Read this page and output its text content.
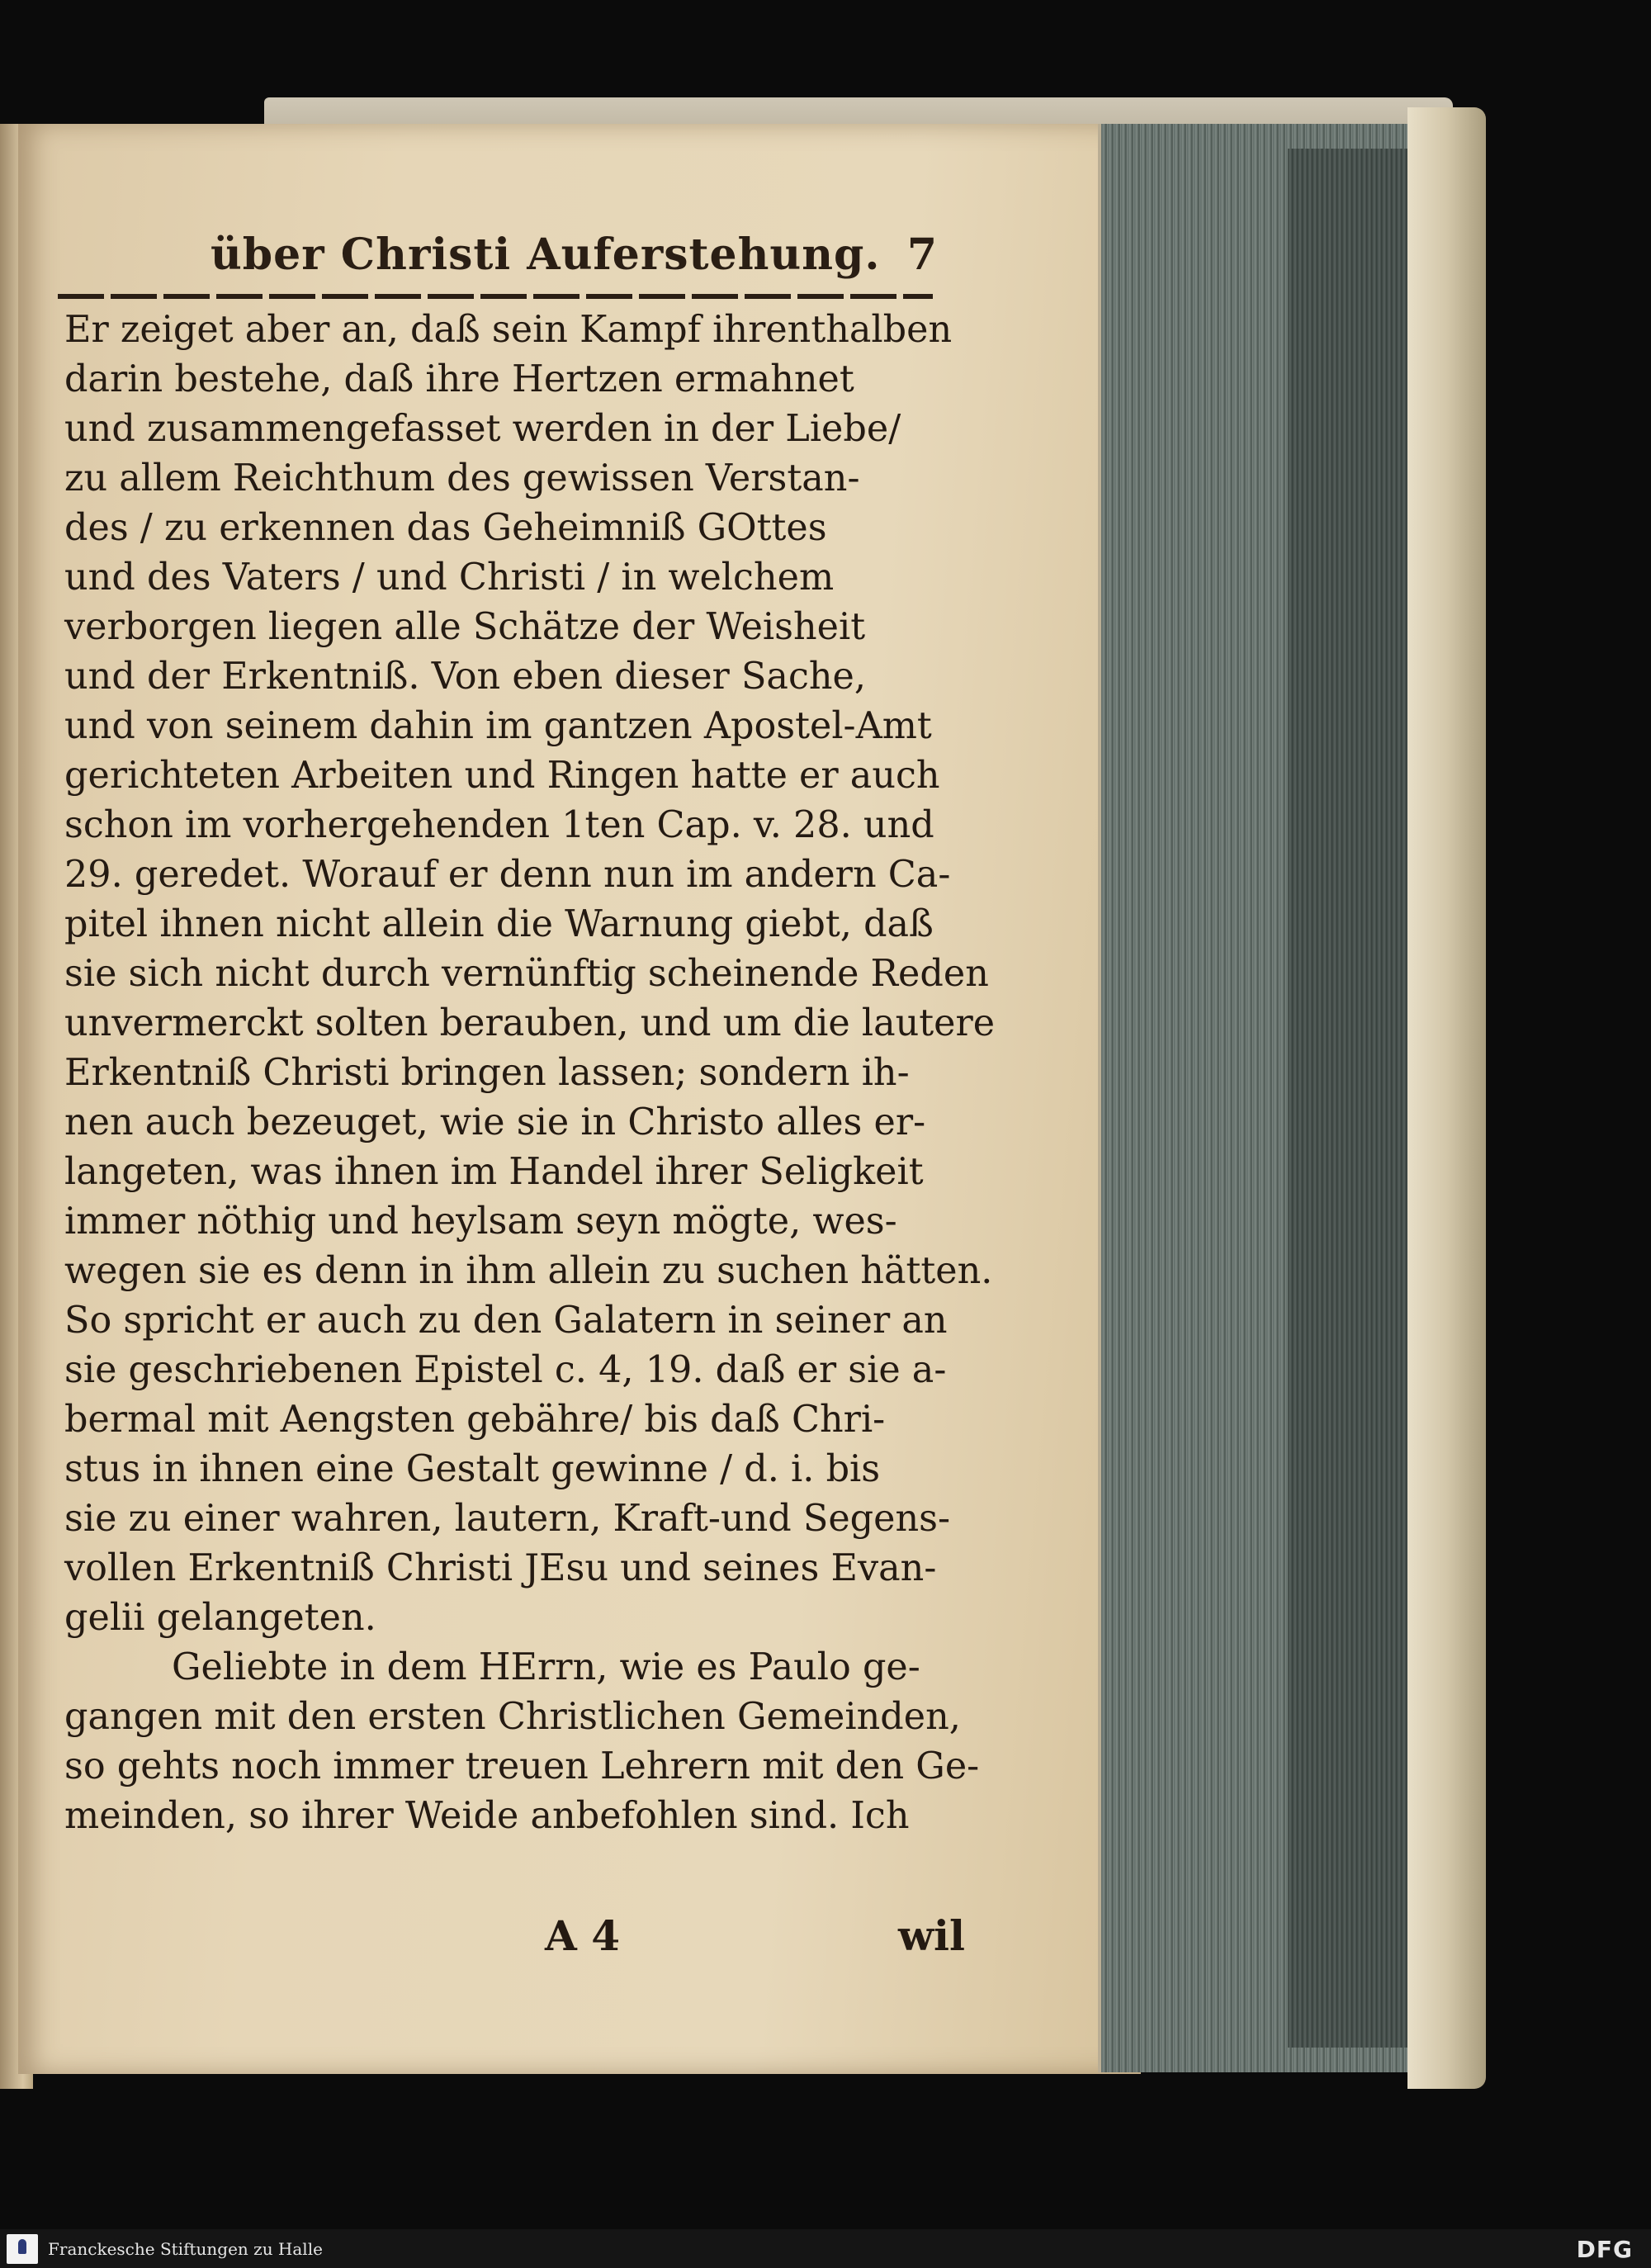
über Christi Auferstehung. 7
Er zeiget aber an, daß sein Kampf ihrenthalben
darin bestehe, daß ihre Hertzen ermahnet
und zusammengefasset werden in der Liebe/
zu allem Reichthum des gewissen Verstan-
des / zu erkennen das Geheimniß GOttes
und des Vaters / und Christi / in welchem
verborgen liegen alle Schätze der Weisheit
und der Erkentniß. Von eben dieser Sache,
und von seinem dahin im gantzen Apostel-Amt
gerichteten Arbeiten und Ringen hatte er auch
schon im vorhergehenden 1ten Cap. v. 28. und
29. geredet. Worauf er denn nun im andern Ca-
pitel ihnen nicht allein die Warnung giebt, daß
sie sich nicht durch vernünftig scheinende Reden
unvermerckt solten berauben, und um die lautere
Erkentniß Christi bringen lassen; sondern ih-
nen auch bezeuget, wie sie in Christo alles er-
langeten, was ihnen im Handel ihrer Seligkeit
immer nöthig und heylsam seyn mögte, wes-
wegen sie es denn in ihm allein zu suchen hätten.
So spricht er auch zu den Galatern in seiner an
sie geschriebenen Epistel c. 4, 19. daß er sie a-
bermal mit Aengsten gebähre/ bis daß Chri-
stus in ihnen eine Gestalt gewinne / d. i. bis
sie zu einer wahren, lautern, Kraft-und Segens-
vollen Erkentniß Christi JEsu und seines Evan-
gelii gelangeten.
Geliebte in dem HErrn, wie es Paulo ge-
gangen mit den ersten Christlichen Gemeinden,
so gehts noch immer treuen Lehrern mit den Ge-
meinden, so ihrer Weide anbefohlen sind. Ich
A 4	wil
Franckesche Stiftungen zu Halle	DFG
